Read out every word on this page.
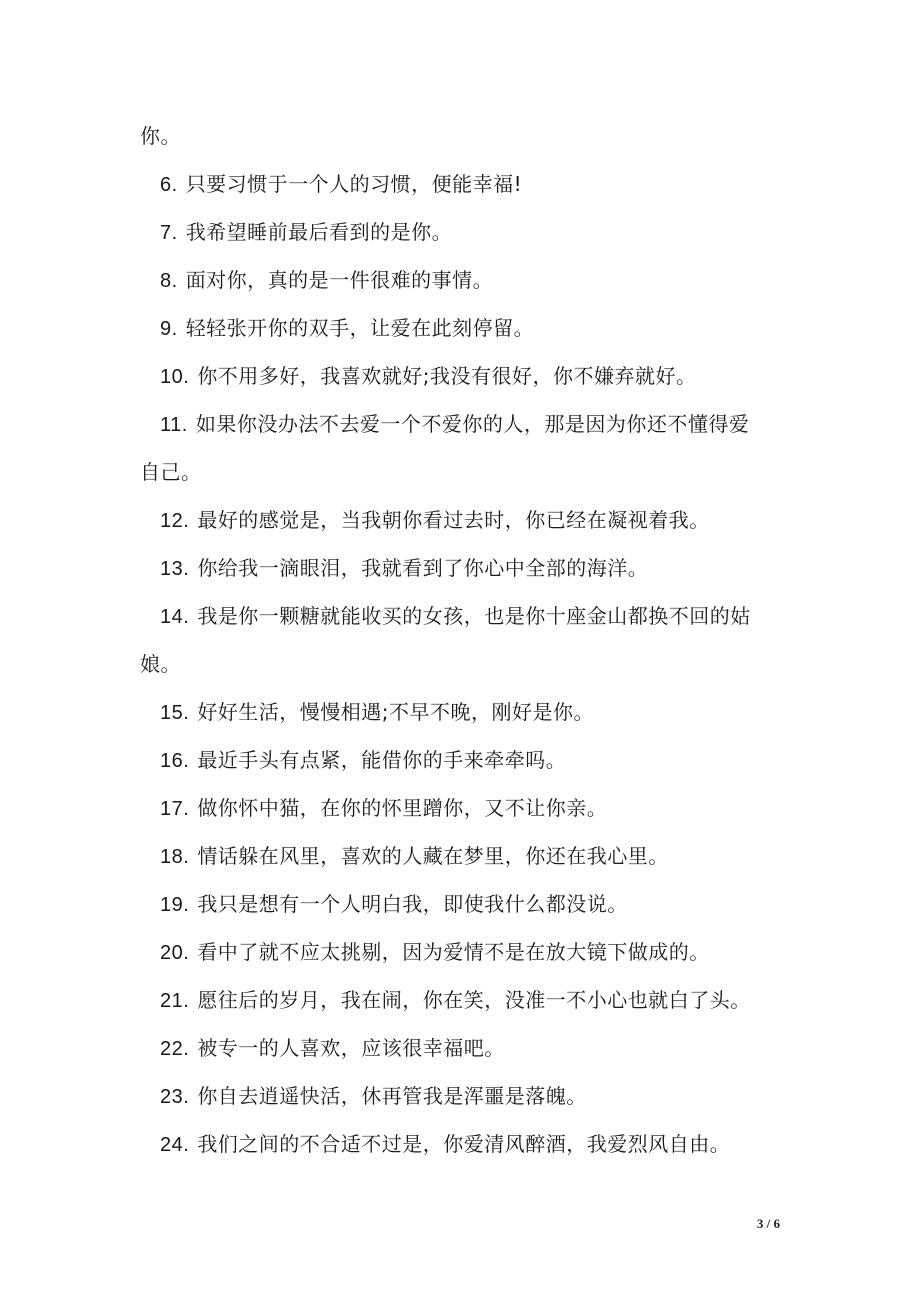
你。
6. 只要习惯于一个人的习惯，便能幸福!
7. 我希望睡前最后看到的是你。
8. 面对你，真的是一件很难的事情。
9. 轻轻张开你的双手，让爱在此刻停留。
10. 你不用多好，我喜欢就好;我没有很好，你不嫌弃就好。
11. 如果你没办法不去爱一个不爱你的人，那是因为你还不懂得爱
自己。
12. 最好的感觉是，当我朝你看过去时，你已经在凝视着我。
13. 你给我一滴眼泪，我就看到了你心中全部的海洋。
14. 我是你一颗糖就能收买的女孩，也是你十座金山都换不回的姑
娘。
15. 好好生活，慢慢相遇;不早不晚，刚好是你。
16. 最近手头有点紧，能借你的手来牵牵吗。
17. 做你怀中猫，在你的怀里蹭你，又不让你亲。
18. 情话躲在风里，喜欢的人藏在梦里，你还在我心里。
19. 我只是想有一个人明白我，即使我什么都没说。
20. 看中了就不应太挑剔，因为爱情不是在放大镜下做成的。
21. 愿往后的岁月，我在闹，你在笑，没准一不小心也就白了头。
22. 被专一的人喜欢，应该很幸福吧。
23. 你自去逍遥快活，休再管我是浑噩是落魄。
24. 我们之间的不合适不过是，你爱清风醉酒，我爱烈风自由。
3 / 6
